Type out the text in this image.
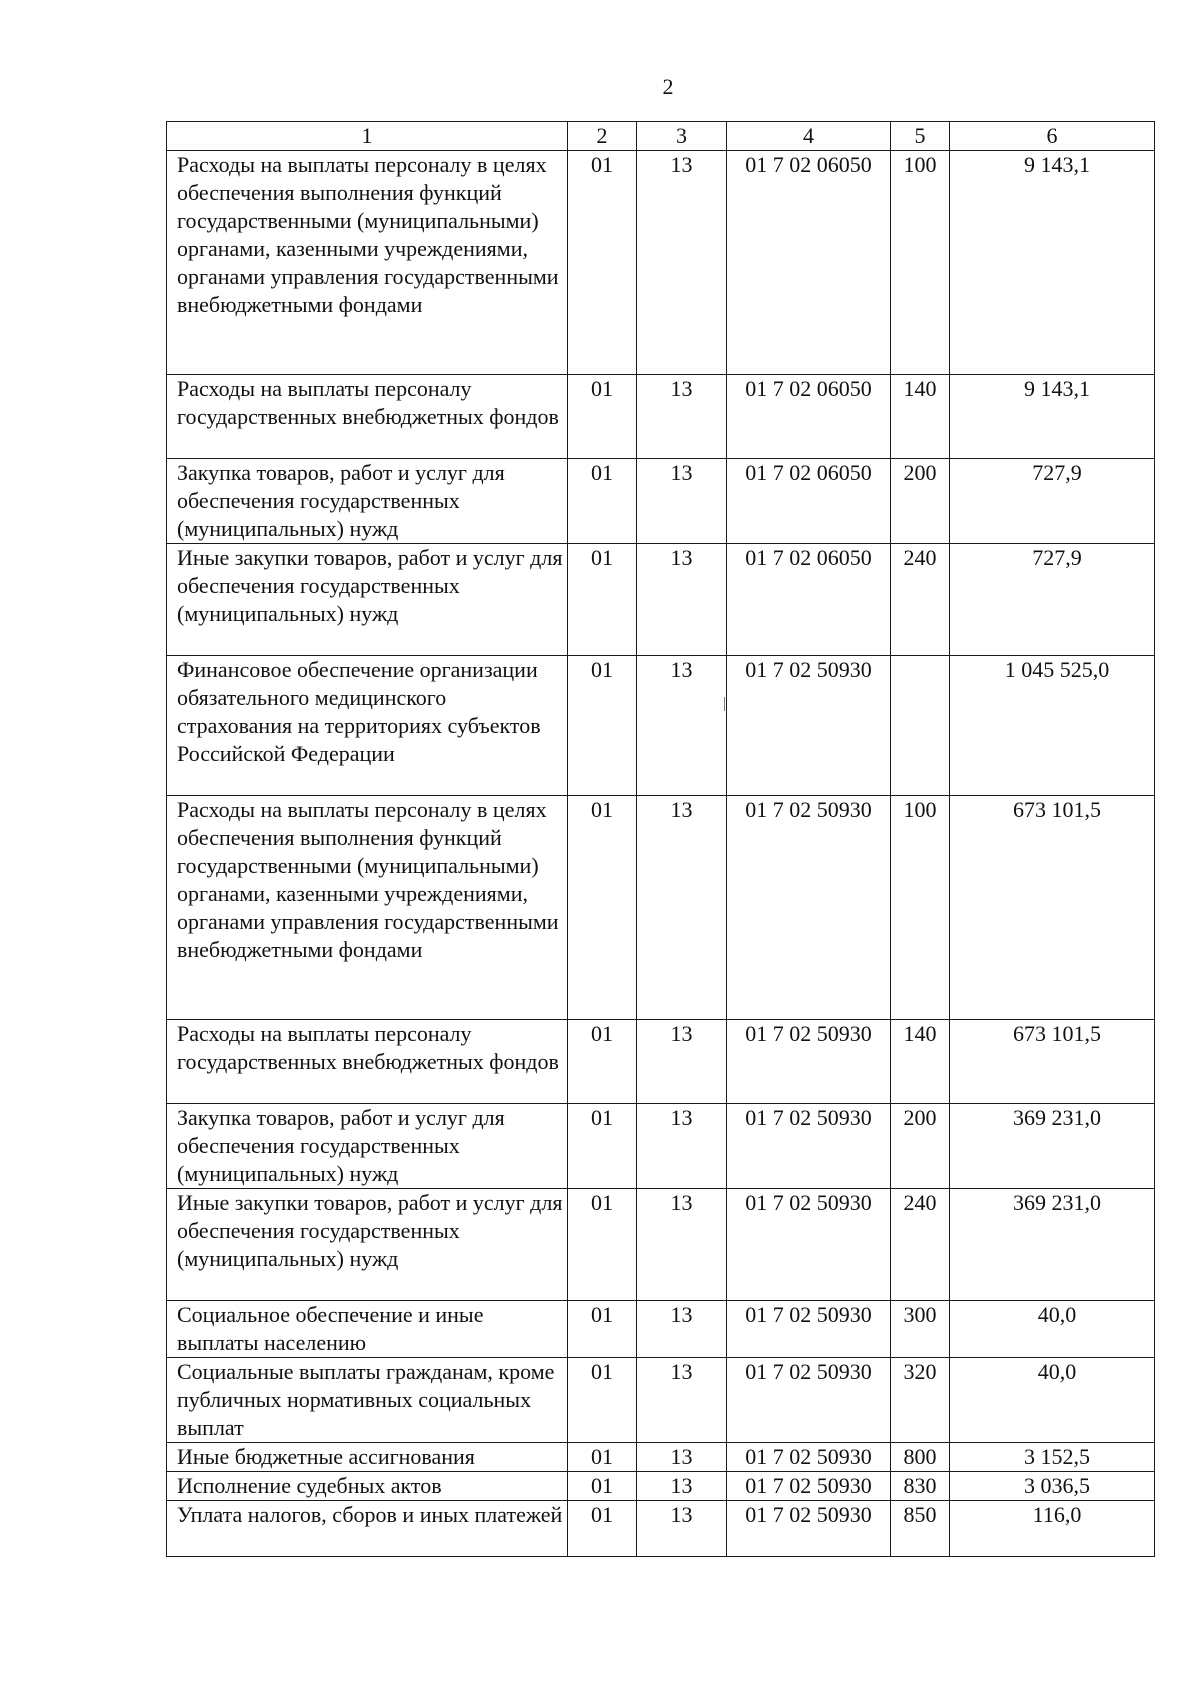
2
1	2	3	4	5	6
Расходы на выплаты персоналу в целях обеспечения выполнения функций государственными (муниципальными) органами, казенными учреждениями, органами управления государственными внебюджетными фондами	01	13	01 7 02 06050	100	9 143,1
Расходы на выплаты персоналу государственных внебюджетных фондов	01	13	01 7 02 06050	140	9 143,1
Закупка товаров, работ и услуг для обеспечения государственных (муниципальных) нужд	01	13	01 7 02 06050	200	727,9
Иные закупки товаров, работ и услуг для обеспечения государственных (муниципальных) нужд	01	13	01 7 02 06050	240	727,9
Финансовое обеспечение организации обязательного медицинского страхования на территориях субъектов Российской Федерации	01	13	01 7 02 50930		1 045 525,0
Расходы на выплаты персоналу в целях обеспечения выполнения функций государственными (муниципальными) органами, казенными учреждениями, органами управления государственными внебюджетными фондами	01	13	01 7 02 50930	100	673 101,5
Расходы на выплаты персоналу государственных внебюджетных фондов	01	13	01 7 02 50930	140	673 101,5
Закупка товаров, работ и услуг для обеспечения государственных (муниципальных) нужд	01	13	01 7 02 50930	200	369 231,0
Иные закупки товаров, работ и услуг для обеспечения государственных (муниципальных) нужд	01	13	01 7 02 50930	240	369 231,0
Социальное обеспечение и иные выплаты населению	01	13	01 7 02 50930	300	40,0
Социальные выплаты гражданам, кроме публичных нормативных социальных выплат	01	13	01 7 02 50930	320	40,0
Иные бюджетные ассигнования	01	13	01 7 02 50930	800	3 152,5
Исполнение судебных актов	01	13	01 7 02 50930	830	3 036,5
Уплата налогов, сборов и иных платежей	01	13	01 7 02 50930	850	116,0
